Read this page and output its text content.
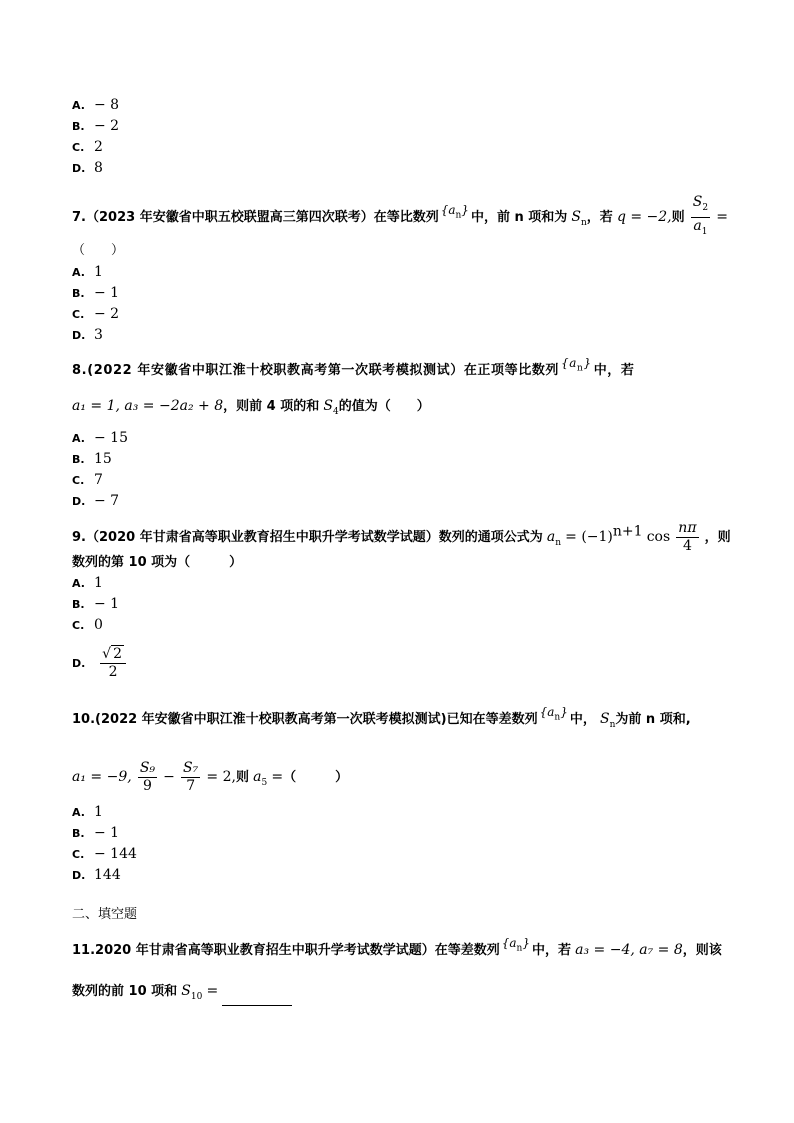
A. − 8
B. − 2
C. 2
D. 8
7.（2023 年安徽省中职五校联盟高三第四次联考）在等比数列 $\{a_n\}$ 中，前 n 项和为 $S_n$，若 q = −2,则 $\frac{S_2}{a_1}$ =
（　　）
A. 1
B. − 1
C. − 2
D. 3
8.(2022 年安徽省中职江淮十校职教高考第一次联考模拟测试）在正项等比数列 $\{a_n\}$ 中，若
a₁ = 1, a₃ = −2a₂ + 8，则前 4 项的和 $S_4$的值为（　　）
A. − 15
B. 15
C. 7
D. − 7
9.（2020 年甘肃省高等职业教育招生中职升学考试数学试题）数列的通项公式为 $a_n = (-1)^{n+1}$ $\cos \frac{n\pi}{4}$ ，则
数列的第 10 项为（　　　）
A. 1
B. − 1
C. 0
D. $\frac{√ 2}{2}$
10.(2022 年安徽省中职江淮十校职教高考第一次联考模拟测试)已知在等差数列 $\{a_n\}$ 中， $S_n$为前 n 项和,
a₁ = −9, $\frac{\text{S₉}}{9} - \frac{\text{S₇}}{7} = 2$,则 $a_5$ =（　　　）
A. 1
B. − 1
C. − 144
D. 144
二、填空题
11.2020 年甘肃省高等职业教育招生中职升学考试数学试题）在等差数列 $\{a_n\}$ 中，若 a₃ = −4, a₇ = 8，则该
数列的前 10 项和 $S_{10}$ =
